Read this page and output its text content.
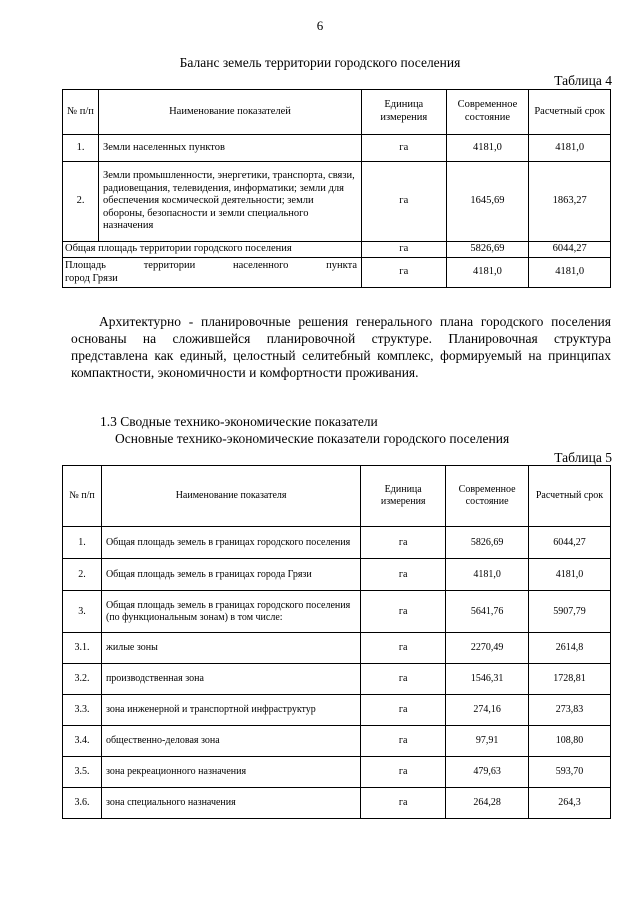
6
Баланс земель территории городского поселения
Таблица 4
№ п/п	Наименование показателей	Единица измерения	Современное состояние	Расчетный срок
1.	Земли населенных пунктов	га	4181,0	4181,0
2.	Земли промышленности, энергетики, транспорта, связи, радиовещания, телевидения, информатики; земли для обеспечения космической деятельности; земли обороны, безопасности и земли специального назначения	га	1645,69	1863,27
Общая площадь территории городского поселения		га	5826,69	6044,27

Площадь территории населенного пункта
город Грязи		га	4181,0	4181,0

Архитектурно - планировочные решения генерального плана городского поселения основаны на сложившейся планировочной структуре. Планировочная структура представлена как единый, целостный селитебный комплекс, формируемый на принципах компактности, экономичности и комфортности проживания.

1.3 Сводные технико-экономические показатели
Основные технико-экономические показатели городского поселения
Таблица 5
№ п/п	Наименование показателя	Единица измерения	Современное состояние	Расчетный срок
1.	Общая площадь земель в границах городского поселения	га	5826,69	6044,27
2.	Общая площадь земель в границах города Грязи	га	4181,0	4181,0
3.	Общая площадь земель в границах городского поселения (по функциональным зонам) в том числе:	га	5641,76	5907,79
3.1.	жилые зоны	га	2270,49	2614,8
3.2.	производственная зона	га	1546,31	1728,81
3.3.	зона инженерной и транспортной инфраструктур	га	274,16	273,83
3.4.	общественно-деловая зона	га	97,91	108,80
3.5.	зона рекреационного назначения	га	479,63	593,70
3.6.	зона специального назначения	га	264,28	264,3
